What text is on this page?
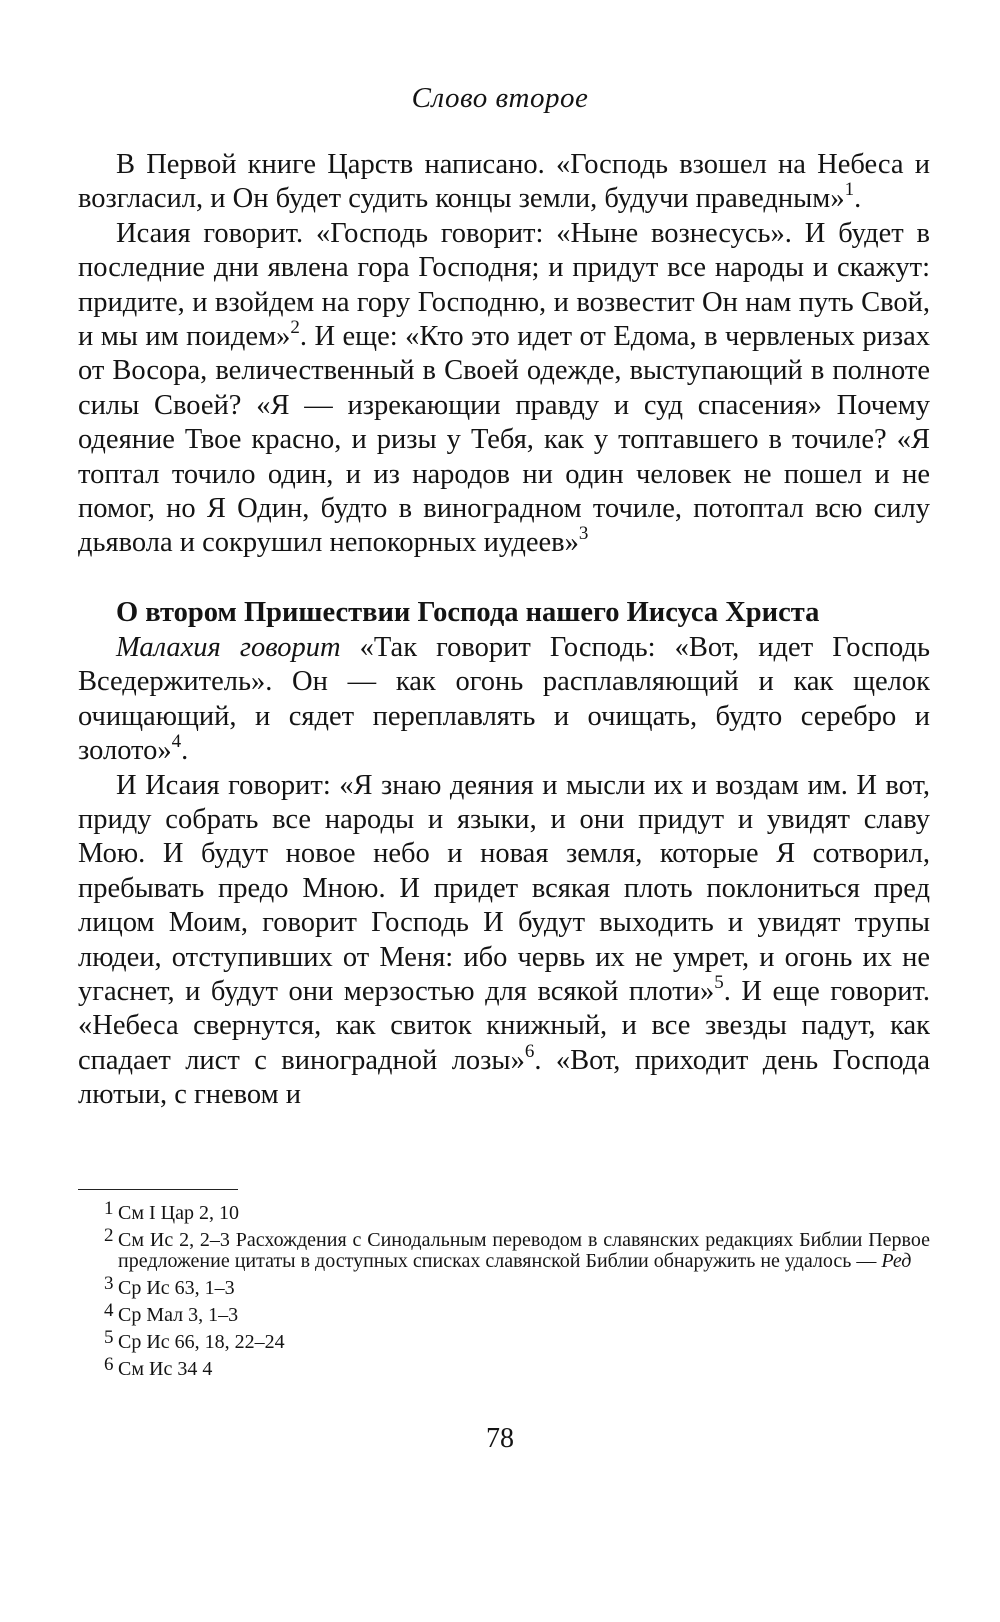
Слово второе

В Первой книге Царств написано. «Господь взошел на Небеса и возгласил, и Он будет судить концы земли, будучи праведным»$^1$.

Исаия говорит. «Господь говорит: «Ныне вознесусь». И будет в последние дни явлена гора Господня; и придут все народы и скажут: придите, и взойдем на гору Господню, и возвестит Он нам путь Свой, и мы им поидем»$^2$. И еще: «Кто это идет от Едома, в червленых ризах от Восора, величественный в Своей одежде, выступающий в полноте силы Своей? «Я — изрекающии правду и суд спасения» Почему одеяние Твое красно, и ризы у Тебя, как у топтавшего в точиле? «Я топтал точило один, и из народов ни один человек не пошел и не помог, но Я Один, будто в виноградном точиле, потоптал всю силу дьявола и сокрушил непокорных иудеев»$^3$

О втором Пришествии Господа нашего Иисуса Христа

Малахия говорит «Так говорит Господь: «Вот, идет Господь Вседержитель». Он — как огонь расплавляющий и как щелок очищающий, и сядет переплавлять и очищать, будто серебро и золото»$^4$.

И Исаия говорит: «Я знаю деяния и мысли их и воздам им. И вот, приду собрать все народы и языки, и они придут и увидят славу Мою. И будут новое небо и новая земля, которые Я сотворил, пребывать предо Мною. И придет всякая плоть поклониться пред лицом Моим, говорит Господь И будут выходить и увидят трупы людеи, отступивших от Меня: ибо червь их не умрет, и огонь их не угаснет, и будут они мерзостью для всякой плоти»$^5$. И еще говорит. «Небеса свернутся, как свиток книжный, и все звезды падут, как спадает лист с виноградной лозы»$^6$. «Вот, приходит день Господа лютыи, с гневом и

1 См I Цар 2, 10
2 См Ис 2, 2–3 Расхождения с Синодальным переводом в славянских редакциях Библии Первое предложение цитаты в доступных списках славянской Библии обнаружить не удалось — Ред
3 Ср Ис 63, 1–3
4 Ср Мал 3, 1–3
5 Ср Ис 66, 18, 22–24
6 См Ис 34 4
78
